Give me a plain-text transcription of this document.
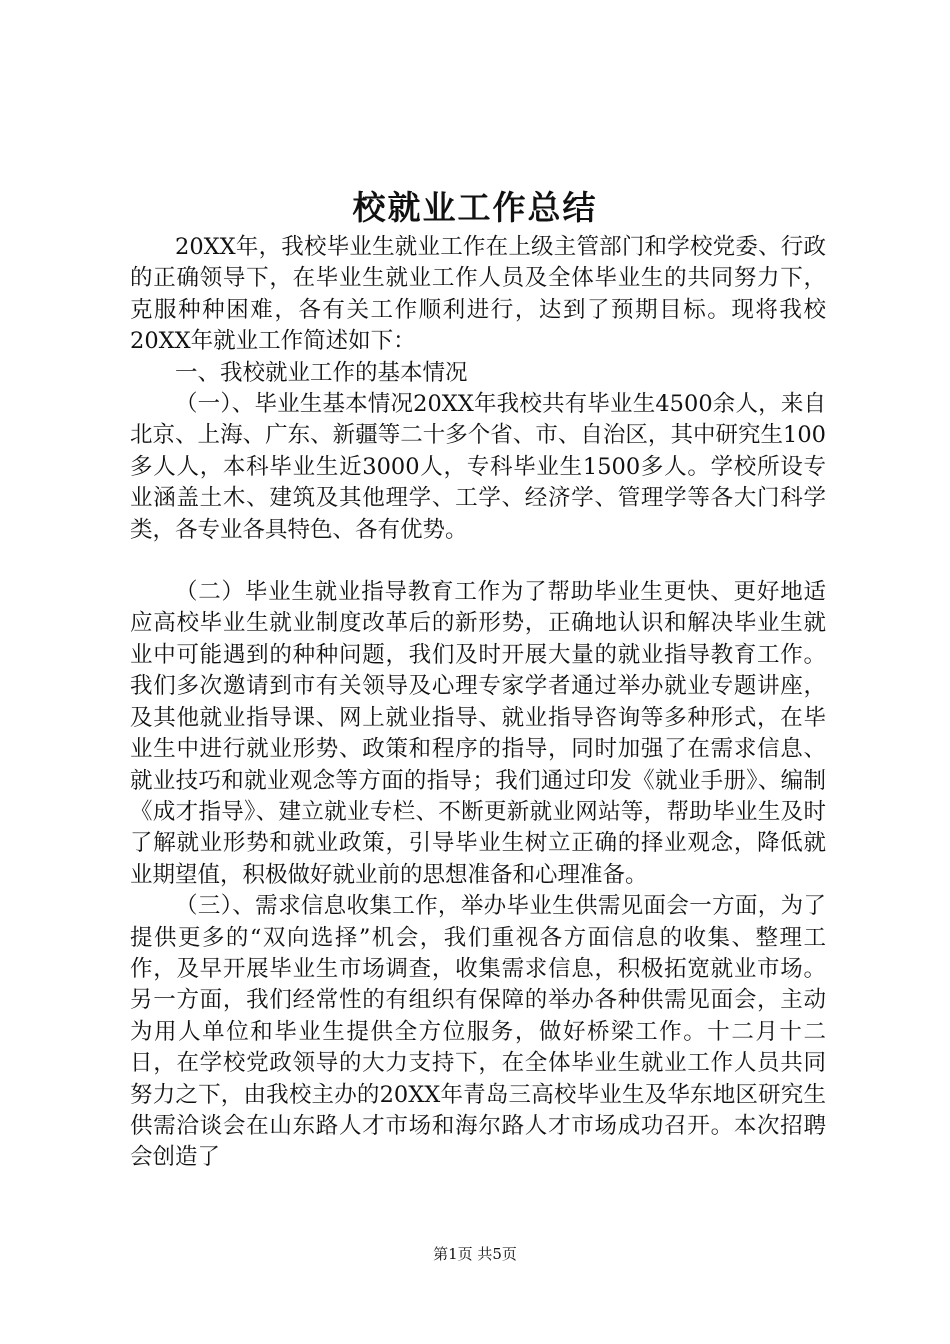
校就业工作总结

20XX年，我校毕业生就业工作在上级主管部门和学校党委、行政的正确领导下，在毕业生就业工作人员及全体毕业生的共同努力下，克服种种困难，各有关工作顺利进行，达到了预期目标。现将我校20XX年就业工作简述如下：

一、我校就业工作的基本情况

（一）、毕业生基本情况20XX年我校共有毕业生4500余人，来自北京、上海、广东、新疆等二十多个省、市、自治区，其中研究生100多人人，本科毕业生近3000人，专科毕业生1500多人。学校所设专业涵盖土木、建筑及其他理学、工学、经济学、管理学等各大门科学类，各专业各具特色、各有优势。

（二）毕业生就业指导教育工作为了帮助毕业生更快、更好地适应高校毕业生就业制度改革后的新形势，正确地认识和解决毕业生就业中可能遇到的种种问题，我们及时开展大量的就业指导教育工作。我们多次邀请到市有关领导及心理专家学者通过举办就业专题讲座，及其他就业指导课、网上就业指导、就业指导咨询等多种形式，在毕业生中进行就业形势、政策和程序的指导，同时加强了在需求信息、就业技巧和就业观念等方面的指导；我们通过印发《就业手册》、编制《成才指导》、建立就业专栏、不断更新就业网站等，帮助毕业生及时了解就业形势和就业政策，引导毕业生树立正确的择业观念，降低就业期望值，积极做好就业前的思想准备和心理准备。

（三）、需求信息收集工作，举办毕业生供需见面会一方面，为了提供更多的“双向选择”机会，我们重视各方面信息的收集、整理工作，及早开展毕业生市场调查，收集需求信息，积极拓宽就业市场。另一方面，我们经常性的有组织有保障的举办各种供需见面会，主动为用人单位和毕业生提供全方位服务，做好桥梁工作。十二月十二日，在学校党政领导的大力支持下，在全体毕业生就业工作人员共同努力之下，由我校主办的20XX年青岛三高校毕业生及华东地区研究生供需洽谈会在山东路人才市场和海尔路人才市场成功召开。本次招聘会创造了

第1页 共5页
